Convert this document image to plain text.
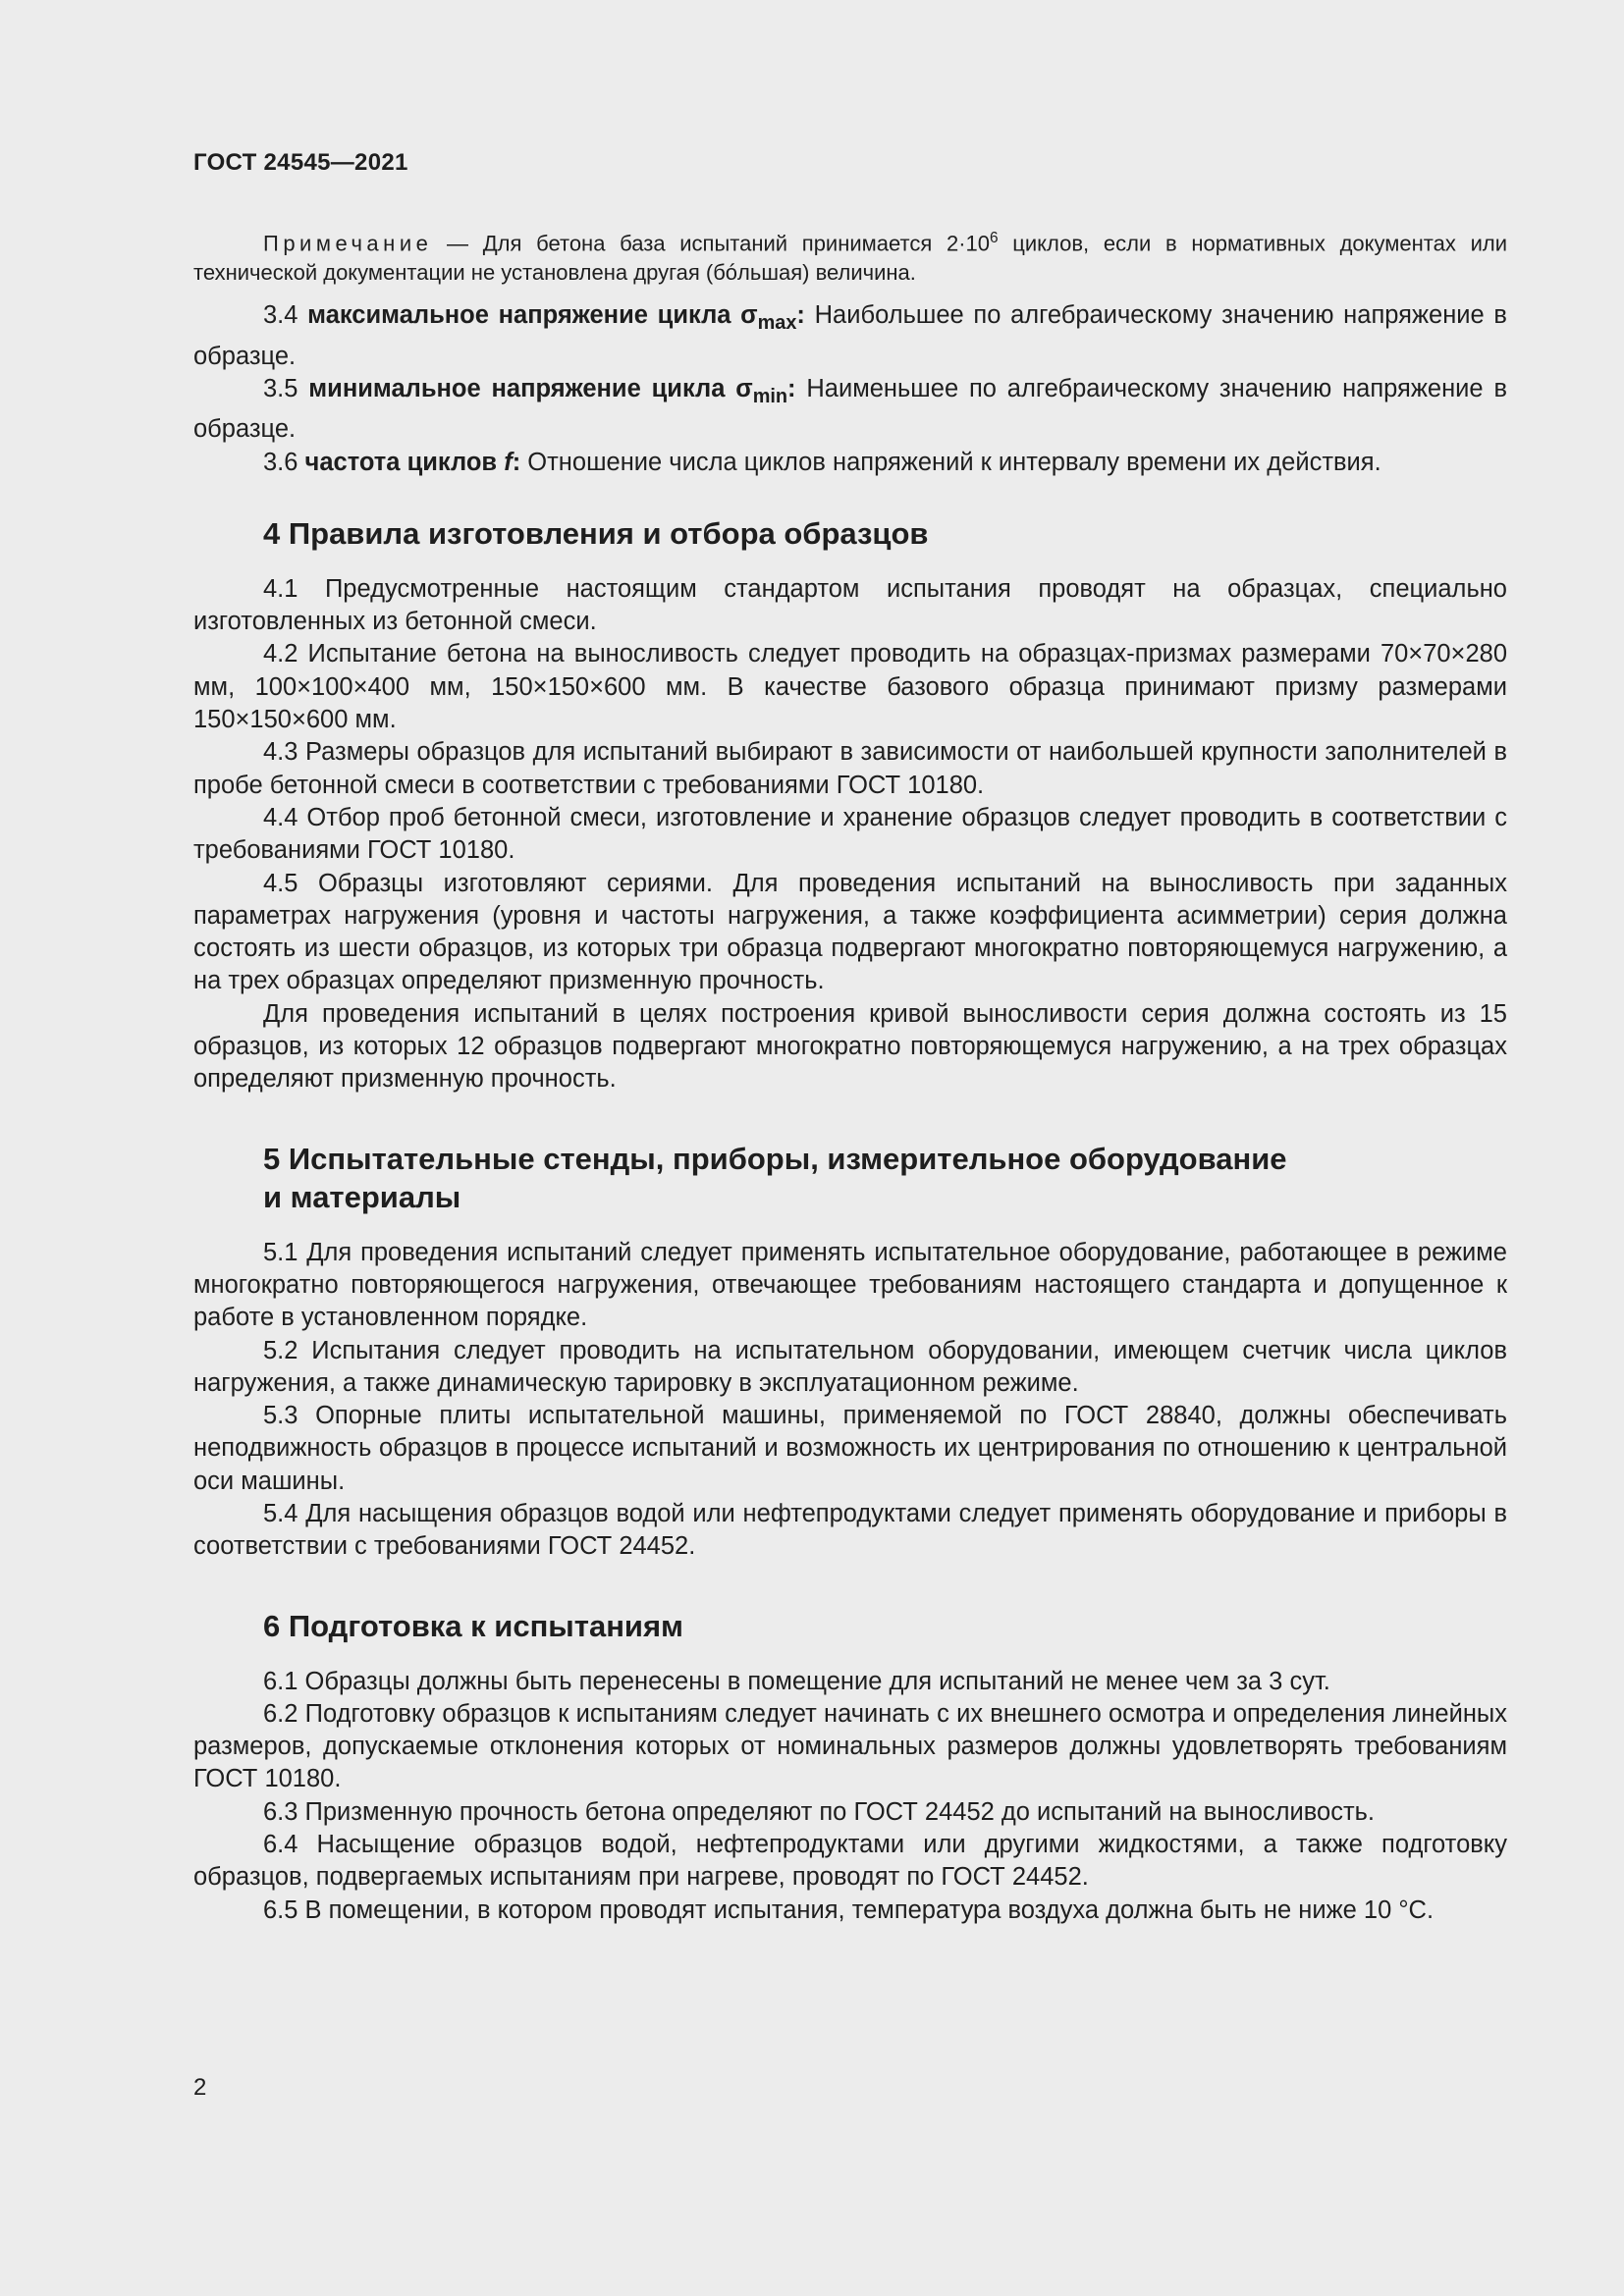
ГОСТ 24545—2021

Примечание — Для бетона база испытаний принимается $2\cdot 10^6$ циклов, если в нормативных документах или технической документации не установлена другая (бóльшая) величина.

3.4 максимальное напряжение цикла $\sigma_{max}$: Наибольшее по алгебраическому значению напряжение в образце.

3.5 минимальное напряжение цикла $\sigma_{min}$: Наименьшее по алгебраическому значению напряжение в образце.

3.6 частота циклов f: Отношение числа циклов напряжений к интервалу времени их действия.

4 Правила изготовления и отбора образцов

4.1 Предусмотренные настоящим стандартом испытания проводят на образцах, специально изготовленных из бетонной смеси.

4.2 Испытание бетона на выносливость следует проводить на образцах-призмах размерами 70×70×280 мм, 100×100×400 мм, 150×150×600 мм. В качестве базового образца принимают призму размерами 150×150×600 мм.

4.3 Размеры образцов для испытаний выбирают в зависимости от наибольшей крупности заполнителей в пробе бетонной смеси в соответствии с требованиями ГОСТ 10180.

4.4 Отбор проб бетонной смеси, изготовление и хранение образцов следует проводить в соответствии с требованиями ГОСТ 10180.

4.5 Образцы изготовляют сериями. Для проведения испытаний на выносливость при заданных параметрах нагружения (уровня и частоты нагружения, а также коэффициента асимметрии) серия должна состоять из шести образцов, из которых три образца подвергают многократно повторяющемуся нагружению, а на трех образцах определяют призменную прочность.

Для проведения испытаний в целях построения кривой выносливости серия должна состоять из 15 образцов, из которых 12 образцов подвергают многократно повторяющемуся нагружению, а на трех образцах определяют призменную прочность.

5 Испытательные стенды, приборы, измерительное оборудование
и материалы

5.1 Для проведения испытаний следует применять испытательное оборудование, работающее в режиме многократно повторяющегося нагружения, отвечающее требованиям настоящего стандарта и допущенное к работе в установленном порядке.

5.2 Испытания следует проводить на испытательном оборудовании, имеющем счетчик числа циклов нагружения, а также динамическую тарировку в эксплуатационном режиме.

5.3 Опорные плиты испытательной машины, применяемой по ГОСТ 28840, должны обеспечивать неподвижность образцов в процессе испытаний и возможность их центрирования по отношению к центральной оси машины.

5.4 Для насыщения образцов водой или нефтепродуктами следует применять оборудование и приборы в соответствии с требованиями ГОСТ 24452.

6 Подготовка к испытаниям

6.1 Образцы должны быть перенесены в помещение для испытаний не менее чем за 3 сут.

6.2 Подготовку образцов к испытаниям следует начинать с их внешнего осмотра и определения линейных размеров, допускаемые отклонения которых от номинальных размеров должны удовлетворять требованиям ГОСТ 10180.

6.3 Призменную прочность бетона определяют по ГОСТ 24452 до испытаний на выносливость.

6.4 Насыщение образцов водой, нефтепродуктами или другими жидкостями, а также подготовку образцов, подвергаемых испытаниям при нагреве, проводят по ГОСТ 24452.

6.5 В помещении, в котором проводят испытания, температура воздуха должна быть не ниже 10 °С.

2
